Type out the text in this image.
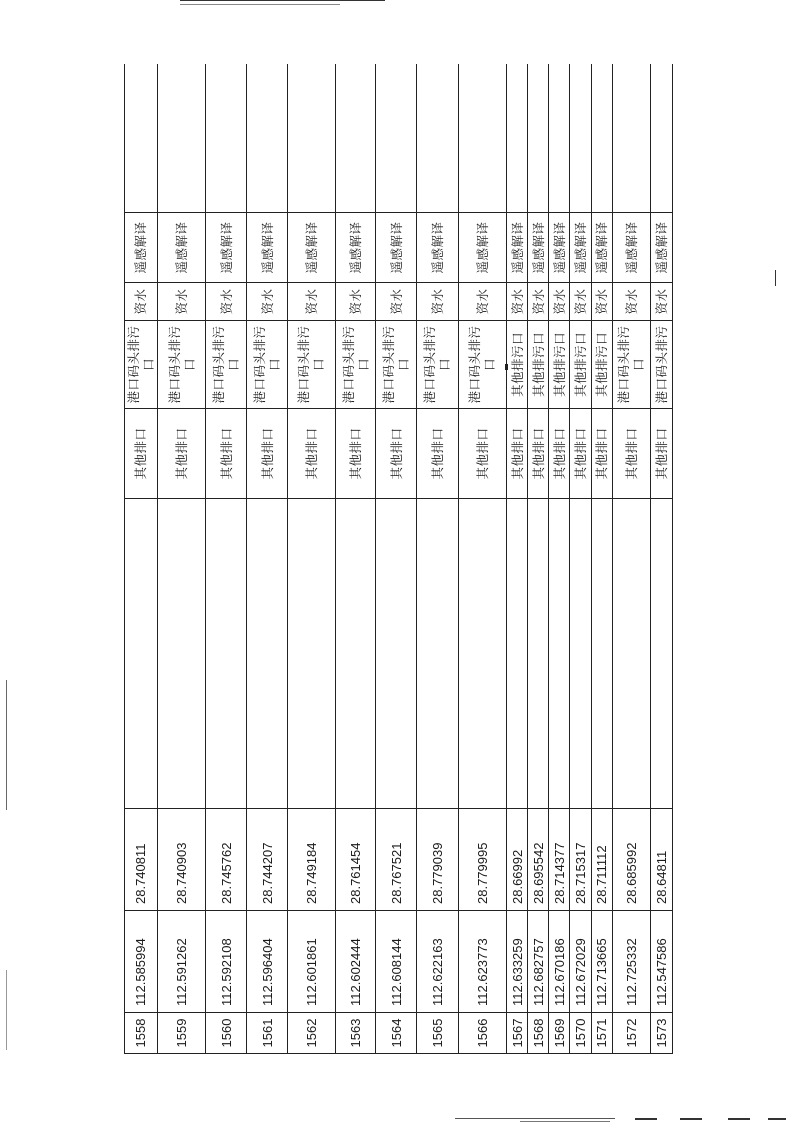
1558	112.585994	28.740811		其他排口	港口码头排污口	资水	遥感解译	
1559	112.591262	28.740903		其他排口	港口码头排污口	资水	遥感解译	
1560	112.592108	28.745762		其他排口	港口码头排污口	资水	遥感解译	
1561	112.596404	28.744207		其他排口	港口码头排污口	资水	遥感解译	
1562	112.601861	28.749184		其他排口	港口码头排污口	资水	遥感解译	
1563	112.602444	28.761454		其他排口	港口码头排污口	资水	遥感解译	
1564	112.608144	28.767521		其他排口	港口码头排污口	资水	遥感解译	
1565	112.622163	28.779039		其他排口	港口码头排污口	资水	遥感解译	
1566	112.623773	28.779995		其他排口	港口码头排污口	资水	遥感解译	
1567	112.633259	28.66992		其他排口	其他排污口	资水	遥感解译	
1568	112.682757	28.695542		其他排口	其他排污口	资水	遥感解译	
1569	112.670186	28.714377		其他排口	其他排污口	资水	遥感解译	
1570	112.672029	28.715317		其他排口	其他排污口	资水	遥感解译	
1571	112.713665	28.711112		其他排口	其他排污口	资水	遥感解译	
1572	112.725332	28.685992		其他排口	港口码头排污口	资水	遥感解译	
1573	112.547586	28.64811		其他排口	港口码头排污	资水	遥感解译	
